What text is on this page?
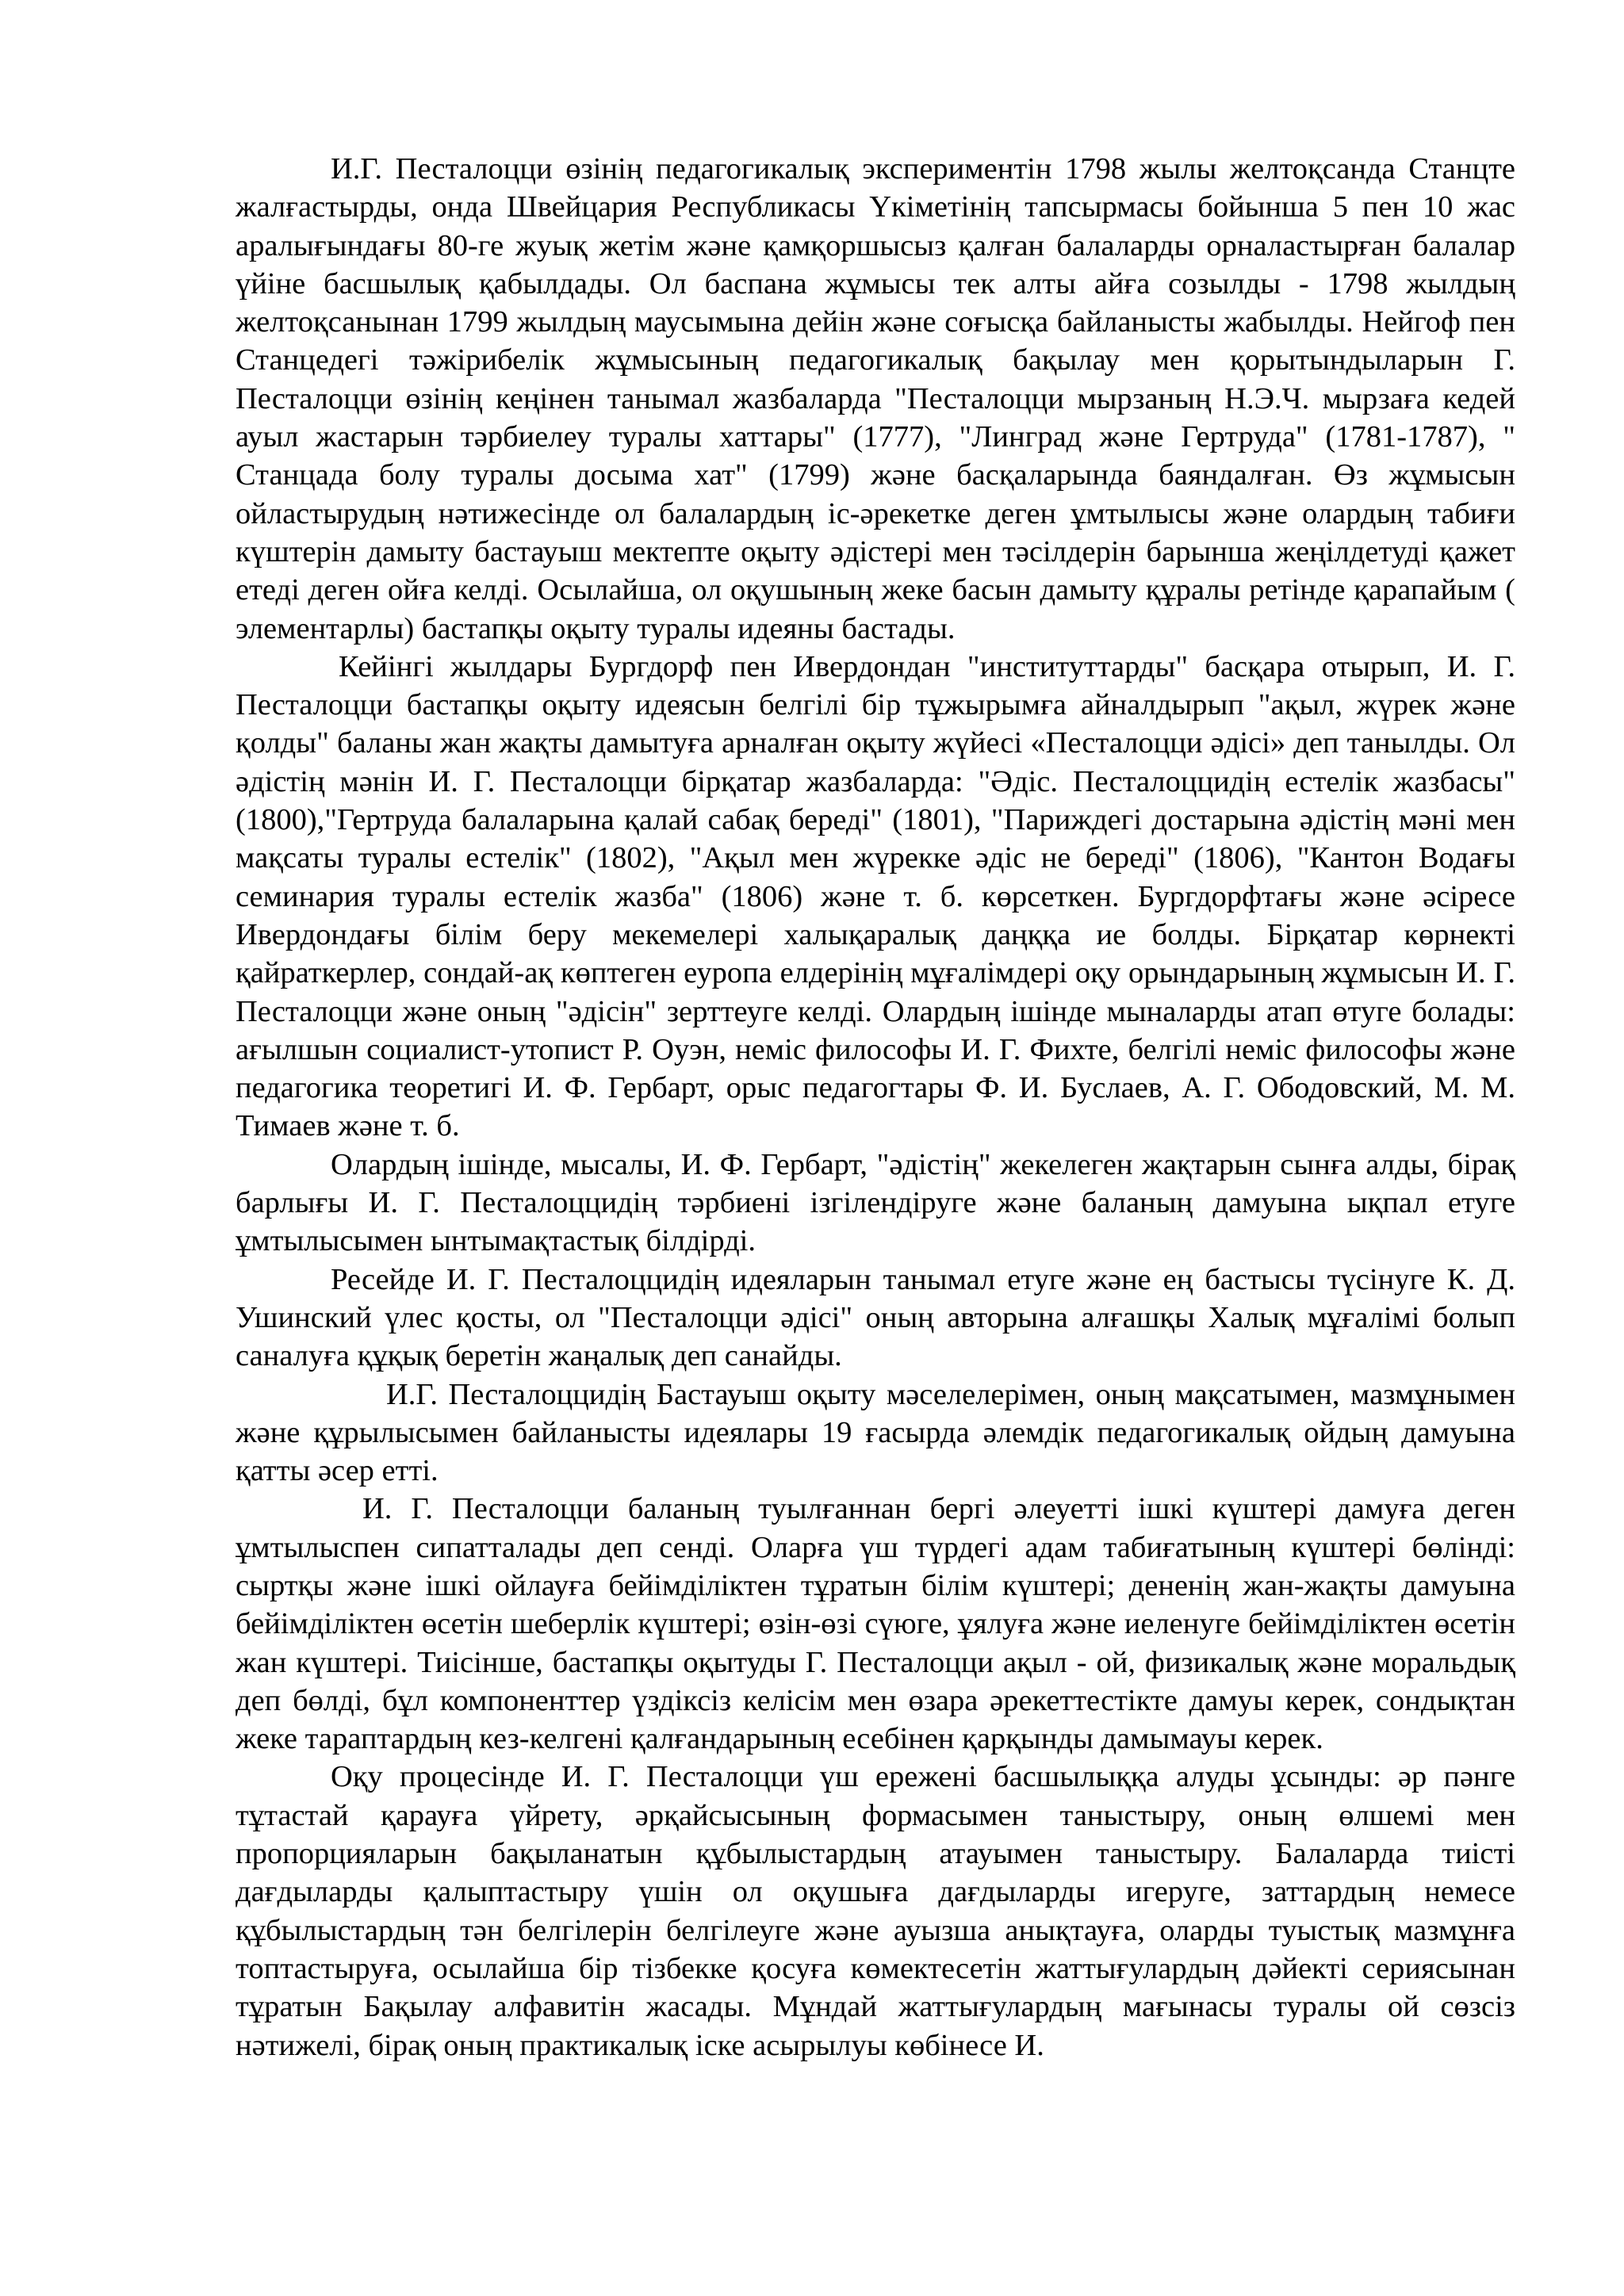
И.Г. Песталоцци өзінің педагогикалық экспериментін 1798 жылы желтоқсанда Станцте жалғастырды, онда Швейцария Республикасы Үкіметінің тапсырмасы бойынша 5 пен 10 жас аралығындағы 80-ге жуық жетім және қамқоршысыз қалған балаларды орналастырған балалар үйіне басшылық қабылдады. Ол баспана жұмысы тек алты айға созылды - 1798 жылдың желтоқсанынан 1799 жылдың маусымына дейін және соғысқа байланысты жабылды. Нейгоф пен Станцедегі тәжірибелік жұмысының педагогикалық бақылау мен қорытындыларын Г. Песталоцци өзінің кеңінен танымал жазбаларда "Песталоцци мырзаның Н.Э.Ч. мырзаға кедей ауыл жастарын тәрбиелеу туралы хаттары" (1777), "Лингpад және Гертруда" (1781-1787), " Станцада болу туралы досыма хат" (1799) және басқаларында баяндалған. Өз жұмысын ойластырудың нәтижесінде ол балалардың іс-әрекетке деген ұмтылысы және олардың табиғи күштерін дамыту бастауыш мектепте оқыту әдістері мен тәсілдерін барынша жеңілдетуді қажет етеді деген ойға келді. Осылайша, ол оқушының жеке басын дамыту құралы ретінде қарапайым ( элементарлы) бастапқы оқыту туралы идеяны бастады.

Кейінгі жылдары Бургдорф пен Ивердондан "институттарды" басқара отырып, И. Г. Песталоцци бастапқы оқыту идеясын белгілі бір тұжырымға айналдырып "ақыл, жүрек және қолды" баланы жан жақты дамытуға арналған оқыту жүйесі «Песталоцци әдісі» деп танылды. Ол әдістің мәнін И. Г. Песталоцци бірқатар жазбаларда: "Әдіс. Песталоццидің естелік жазбасы" (1800),"Гертруда балаларына қалай сабақ береді" (1801), "Париждегі достарына әдістің мәні мен мақсаты туралы естелік" (1802), "Ақыл мен жүрекке әдіс не береді" (1806), "Кантон Водағы семинария туралы естелік жазба" (1806) және т. б. көрсеткен. Бургдорфтағы және әсіресе Ивердондағы білім беру мекемелері халықаралық даңққа ие болды. Бірқатар көрнекті қайраткерлер, сондай-ақ көптеген еуропа елдерінің мұғалімдері оқу орындарының жұмысын И. Г. Песталоцци және оның "әдісін" зерттеуге келді. Олардың ішінде мыналарды атап өтуге болады: ағылшын социалист-утопист Р. Оуэн, неміс философы И. Г. Фихте, белгілі неміс философы және педагогика теоретигі И. Ф. Гербарт, орыс педагогтары Ф. И. Буслаев, А. Г. Ободовский, М. М. Тимаев және т. б.

Олардың ішінде, мысалы, И. Ф. Гербарт, "әдістің" жекелеген жақтарын сынға алды, бірақ барлығы И. Г. Песталоццидің тәрбиені ізгілендіруге және баланың дамуына ықпал етуге ұмтылысымен ынтымақтастық білдірді.

Ресейде И. Г. Песталоццидің идеяларын танымал етуге және ең бастысы түсінуге К. Д. Ушинский үлес қосты, ол "Песталоцци әдісі" оның авторына алғашқы Халық мұғалімі болып саналуға құқық беретін жаңалық деп санайды.

И.Г. Песталоццидің Бастауыш оқыту мәселелерімен, оның мақсатымен, мазмұнымен және құрылысымен байланысты идеялары 19 ғасырда әлемдік педагогикалық ойдың дамуына қатты әсер етті.

И. Г. Песталоцци баланың туылғаннан бергі әлеуетті ішкі күштері дамуға деген ұмтылыспен сипатталады деп сенді. Оларға үш түрдегі адам табиғатының күштері бөлінді: сыртқы және ішкі ойлауға бейімділіктен тұратын білім күштері; дененің жан-жақты дамуына бейімділіктен өсетін шеберлік күштері; өзін-өзі сүюге, ұялуға және иеленуге бейімділіктен өсетін жан күштері. Тиісінше, бастапқы оқытуды Г. Песталоцци ақыл - ой, физикалық және моральдық деп бөлді, бұл компоненттер үздіксіз келісім мен өзара әрекеттестікте дамуы керек, сондықтан жеке тараптардың кез-келгені қалғандарының есебінен қарқынды дамымауы керек.

Оқу процесінде И. Г. Песталоцци үш ережені басшылыққа алуды ұсынды: әр пәнге тұтастай қарауға үйрету, әрқайсысының формасымен таныстыру, оның өлшемі мен пропорцияларын бақыланатын құбылыстардың атауымен таныстыру. Балаларда тиісті дағдыларды қалыптастыру үшін ол оқушыға дағдыларды игеруге, заттардың немесе құбылыстардың тән белгілерін белгілеуге және ауызша анықтауға, оларды туыстық мазмұнға топтастыруға, осылайша бір тізбекке қосуға көмектесетін жаттығулардың дәйекті сериясынан тұратын Бақылау алфавитін жасады. Мұндай жаттығулардың мағынасы туралы ой сөзсіз нәтижелі, бірақ оның практикалық іске асырылуы көбінесе И.
